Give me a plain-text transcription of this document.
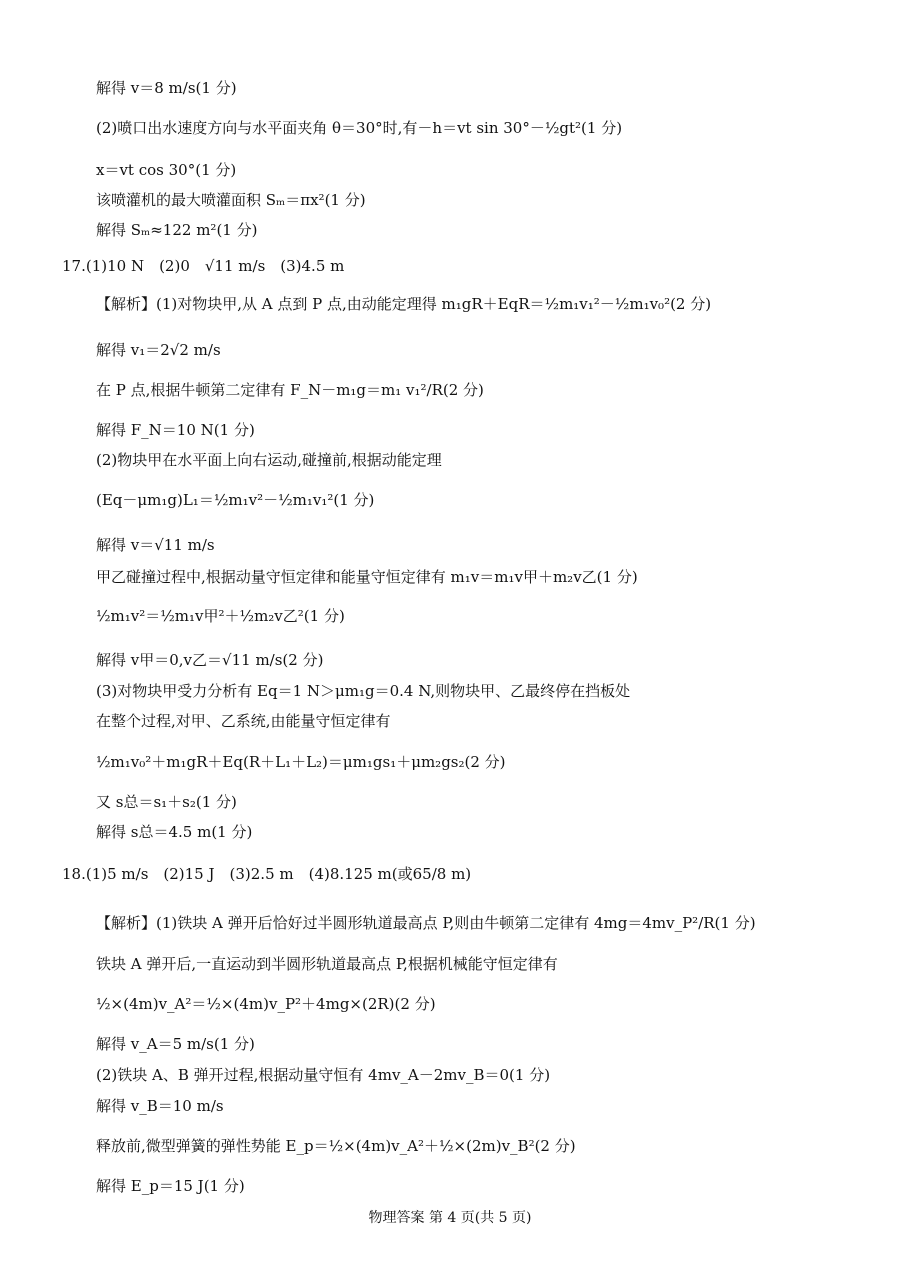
解得 v＝8 m/s(1 分)
(2)喷口出水速度方向与水平面夹角 θ＝30°时,有－h＝vt sin 30°－½gt²(1 分)
x＝vt cos 30°(1 分)
该喷灌机的最大喷灌面积 Sₘ＝πx²(1 分)
解得 Sₘ≈122 m²(1 分)
17.(1)10 N　(2)0　√11 m/s　(3)4.5 m
【解析】(1)对物块甲,从 A 点到 P 点,由动能定理得 m₁gR＋EqR＝½m₁v₁²－½m₁v₀²(2 分)
解得 v₁＝2√2 m/s
在 P 点,根据牛顿第二定律有 F_N－m₁g＝m₁ v₁²/R(2 分)
解得 F_N＝10 N(1 分)
(2)物块甲在水平面上向右运动,碰撞前,根据动能定理
(Eq－μm₁g)L₁＝½m₁v²－½m₁v₁²(1 分)
解得 v＝√11 m/s
甲乙碰撞过程中,根据动量守恒定律和能量守恒定律有 m₁v＝m₁v甲＋m₂v乙(1 分)
½m₁v²＝½m₁v甲²＋½m₂v乙²(1 分)
解得 v甲＝0,v乙＝√11 m/s(2 分)
(3)对物块甲受力分析有 Eq＝1 N＞μm₁g＝0.4 N,则物块甲、乙最终停在挡板处
在整个过程,对甲、乙系统,由能量守恒定律有
½m₁v₀²＋m₁gR＋Eq(R＋L₁＋L₂)＝μm₁gs₁＋μm₂gs₂(2 分)
又 s总＝s₁＋s₂(1 分)
解得 s总＝4.5 m(1 分)
18.(1)5 m/s　(2)15 J　(3)2.5 m　(4)8.125 m(或65/8 m)
【解析】(1)铁块 A 弹开后恰好过半圆形轨道最高点 P,则由牛顿第二定律有 4mg＝4mv_P²/R(1 分)
铁块 A 弹开后,一直运动到半圆形轨道最高点 P,根据机械能守恒定律有
½×(4m)v_A²＝½×(4m)v_P²＋4mg×(2R)(2 分)
解得 v_A＝5 m/s(1 分)
(2)铁块 A、B 弹开过程,根据动量守恒有 4mv_A－2mv_B＝0(1 分)
解得 v_B＝10 m/s
释放前,微型弹簧的弹性势能 E_p＝½×(4m)v_A²＋½×(2m)v_B²(2 分)
解得 E_p＝15 J(1 分)
物理答案 第 4 页(共 5 页)
